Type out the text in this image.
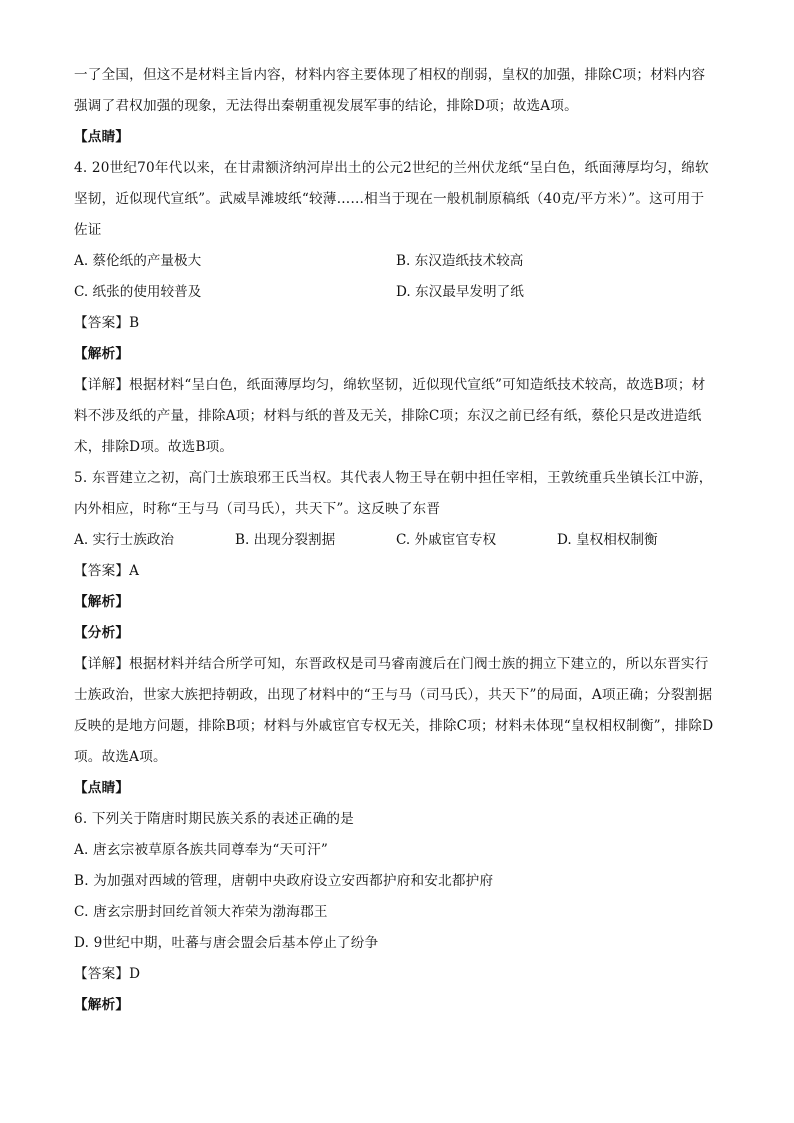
一了全国，但这不是材料主旨内容，材料内容主要体现了相权的削弱，皇权的加强，排除C项；材料内容

强调了君权加强的现象，无法得出秦朝重视发展军事的结论，排除D项；故选A项。

【点睛】

4. 20世纪70年代以来，在甘肃额济纳河岸出土的公元2世纪的兰州伏龙纸“呈白色，纸面薄厚均匀，绵软

坚韧，近似现代宣纸”。武威旱滩坡纸“较薄……相当于现在一般机制原稿纸（40克/平方米）”。这可用于

佐证

A. 蔡伦纸的产量极大	B. 东汉造纸技术较高
C. 纸张的使用较普及	D. 东汉最早发明了纸

【答案】B

【解析】

【详解】根据材料“呈白色，纸面薄厚均匀，绵软坚韧，近似现代宣纸”可知造纸技术较高，故选B项；材

料不涉及纸的产量，排除A项；材料与纸的普及无关，排除C项；东汉之前已经有纸，蔡伦只是改进造纸

术，排除D项。故选B项。

5. 东晋建立之初，高门士族琅邪王氏当权。其代表人物王导在朝中担任宰相，王敦统重兵坐镇长江中游，

内外相应，时称“王与马（司马氏），共天下”。这反映了东晋

A. 实行士族政治	B. 出现分裂割据	C. 外戚宦官专权	D. 皇权相权制衡

【答案】A

【解析】

【分析】

【详解】根据材料并结合所学可知，东晋政权是司马睿南渡后在门阀士族的拥立下建立的，所以东晋实行

士族政治，世家大族把持朝政，出现了材料中的“王与马（司马氏），共天下”的局面，A项正确；分裂割据

反映的是地方问题，排除B项；材料与外戚宦官专权无关，排除C项；材料未体现“皇权相权制衡”，排除D

项。故选A项。

【点睛】

6. 下列关于隋唐时期民族关系的表述正确的是

A. 唐玄宗被草原各族共同尊奉为“天可汗”

B. 为加强对西域的管理，唐朝中央政府设立安西都护府和安北都护府

C. 唐玄宗册封回纥首领大祚荣为渤海郡王

D. 9世纪中期，吐蕃与唐会盟会后基本停止了纷争

【答案】D

【解析】
